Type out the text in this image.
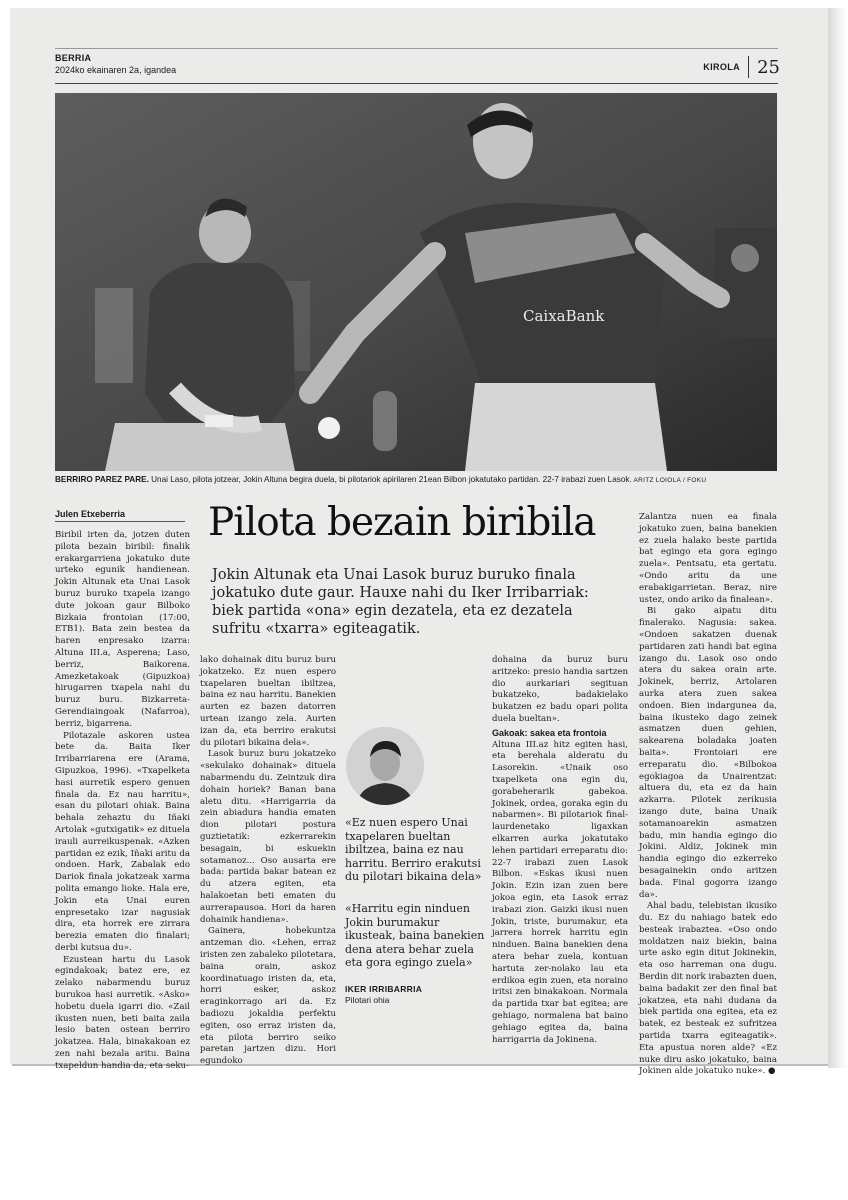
BERRIA
2024ko ekainaren 2a, igandea	KIROLA 25
CaixaBank
BERRIRO PAREZ PARE. Unai Laso, pilota jotzear, Jokin Altuna begira duela, bi pilotariok apirilaren 21ean Bilbon jokatutako partidan. 22-7 irabazi zuen Lasok. ARITZ LOIOLA / FOKU
Julen Etxeberria Pilota bezain biribila
Jokin Altunak eta Unai Lasok buruz buruko finala jokatuko dute gaur. Hauxe nahi du Iker Irribarriak: biek partida «ona» egin dezatela, eta ez dezatela sufritu «txarra» egiteagatik.

Biribil irten da, jotzen duten pilota bezain biribil: finalik erakargarriena jokatuko dute urteko egunik handienean. Jokin Altunak eta Unai Lasok buruz buruko txapela izango dute jokoan gaur Bilboko Bizkaia frontoian (17:00, ETB1). Bata zein bestea da haren enpresako izarra: Altuna III.a, Asperena; Laso, berriz, Baikorena. Amezketakoak (Gipuzkoa) hirugarren txapela nahi du buruz buru. Bizkarreta-Gerendiaingoak (Nafarroa), berriz, bigarrena.

Pilotazale askoren ustea bete da. Baita Iker Irribarriarena ere (Arama, Gipuzkoa, 1996). «Txapelketa hasi aurretik espero genuen finala da. Ez nau harritu», esan du pilotari ohiak. Baina behala zehaztu du Iñaki Artolak «gutxigatik» ez dituela irauli aurreikuspenak. «Azken partidan ez ezik, Iñaki aritu da ondoen. Hark, Zabalak edo Dariok finala jokatzeak xarma polita emango lioke. Hala ere, Jokin eta Unai euren enpresetako izar nagusiak dira, eta horrek ere zirrara berezia ematen dio finalari; derbi kutsua du».

Ezustean hartu du Lasok egindakoak; batez ere, ez zelako nabarmendu buruz burukoa hasi aurretik. «Asko» hobetu duela igarri dio. «Zail ikusten nuen, beti baita zaila lesio baten ostean berriro jokatzea. Hala, binakakoan ez zen nahi bezala aritu. Baina txapeldun handia da, eta seku-

lako dohainak ditu buruz buru jokatzeko. Ez nuen espero txapelaren bueltan ibiltzea, baina ez nau harritu. Banekien aurten ez bazen datorren urtean izango zela. Aurten izan da, eta berriro erakutsi du pilotari bikaina dela».

Lasok buruz buru jokatzeko «sekulako dohainak» dituela nabarmendu du. Zeintzuk dira dohain horiek? Banan bana aletu ditu. «Harrigarria da zein abiadura handia ematen dion pilotari postura guztietatik: ezkerrarekin besagain, bi eskuekin sotamanoz... Oso ausarta ere bada: partida bakar batean ez du atzera egiten, eta halakoetan beti ematen du aurrerapausoa. Hori da haren dohainik handiena».

Gainera, hobekuntza antzeman dio. «Lehen, erraz iristen zen zabaleko pilotetara, baina orain, askoz koordinatuago iristen da, eta, horri esker, askoz eraginkorrago ari da. Ez badiozu jokaldia perfektu egiten, oso erraz iristen da, eta pilota berriro seiko paretan jartzen dizu. Hori egundoko

«Ez nuen espero Unai txapelaren bueltan ibiltzea, baina ez nau harritu. Berriro erakutsi du pilotari bikaina dela»
«Harritu egin ninduen Jokin burumakur ikusteak, baina banekien dena atera behar zuela eta gora egingo zuela»
IKER IRRIBARRIA
Pilotari ohia

dohaina da buruz buru aritzeko: presio handia sartzen dio aurkariari segituan bukatzeko, badakielako bukatzen ez badu opari polita duela bueltan».

Gakoak: sakea eta frontoia

Altuna III.az hitz egiten hasi, eta berehala alderatu du Lasorekin. «Unaik oso txapelketa ona egin du, gorabeherarik gabekoa. Jokinek, ordea, goraka egin du nabarmen». Bi pilotariok final-laurdenetako ligaxkan elkarren aurka jokatutako lehen partidari erreparatu dio: 22-7 irabazi zuen Lasok Bilbon. «Eskas ikusi nuen Jokin. Ezin izan zuen bere jokoa egin, eta Lasok erraz irabazi zion. Gaizki ikusi nuen Jokin, triste, burumakur, eta jarrera horrek harritu egin ninduen. Baina banekien dena atera behar zuela, kontuan hartuta zer-nolako lau eta erdikoa egin zuen, eta noraino iritsi zen binakakoan. Normala da partida txar bat egitea; are gehiago, normalena bat baino gehiago egitea da, baina harrigarria da Jokinena.

Zalantza nuen ea finala jokatuko zuen, baina banekien ez zuela halako beste partida bat egingo eta gora egingo zuela». Pentsatu, eta gertatu. «Ondo aritu da une erabakigarrietan. Beraz, nire ustez, ondo ariko da finalean».

Bi gako aipatu ditu finalerako. Nagusia: sakea. «Ondoen sakatzen duenak partidaren zati handi bat egina izango du. Lasok oso ondo atera du sakea orain arte. Jokinek, berriz, Artolaren aurka atera zuen sakea ondoen. Bien indargunea da, baina ikusteko dago zeinek asmatzen duen gehien, sakearena boladaka joaten baita». Frontoiari ere erreparatu dio. «Bilbokoa egokiagoa da Unairentzat: altuera du, eta ez da hain azkarra. Pilotek zerikusia izango dute, baina Unaik sotamanoarekin asmatzen badu, min handia egingo dio Jokini. Aldiz, Jokinek min handia egingo dio ezkerreko besagainekin ondo aritzen bada. Final gogorra izango da».

Ahal badu, telebistan ikusiko du. Ez du nahiago batek edo besteak irabaztea. «Oso ondo moldatzen naiz biekin, baina urte asko egin ditut Jokinekin, eta oso harreman ona dugu. Berdin dit nork irabazten duen, baina badakit zer den final bat jokatzea, eta nahi dudana da biek partida ona egitea, eta ez batek, ez besteak ez sufritzea partida txarra egiteagatik». Eta apustua noren alde? «Ez nuke diru asko jokatuko, baina Jokinen alde jokatuko nuke». ●
